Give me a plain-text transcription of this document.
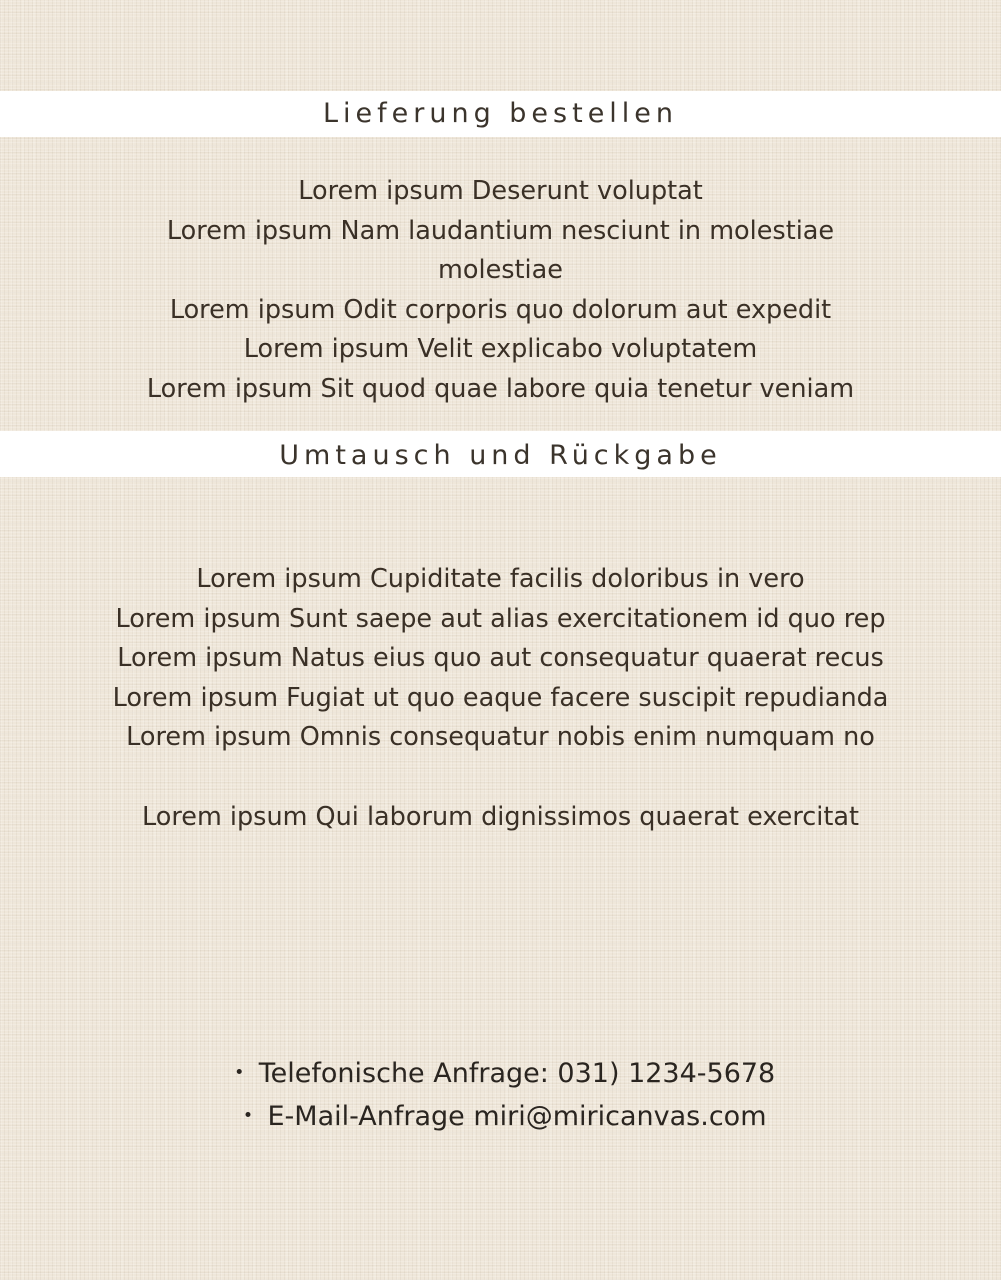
Lieferung bestellen
Lorem ipsum Deserunt voluptat
Lorem ipsum Nam laudantium nesciunt in molestiae
molestiae
Lorem ipsum Odit corporis quo dolorum aut expedit
Lorem ipsum Velit explicabo voluptatem
Lorem ipsum Sit quod quae labore quia tenetur veniam
Umtausch und Rückgabe
Lorem ipsum Cupiditate facilis doloribus in vero
Lorem ipsum Sunt saepe aut alias exercitationem id quo rep
Lorem ipsum Natus eius quo aut consequatur quaerat recus
Lorem ipsum Fugiat ut quo eaque facere suscipit repudianda
Lorem ipsum Omnis consequatur nobis enim numquam no
Lorem ipsum Qui laborum dignissimos quaerat exercitat
・ Telefonische Anfrage: 031) 1234-5678
・ E-Mail-Anfrage miri@miricanvas.com
